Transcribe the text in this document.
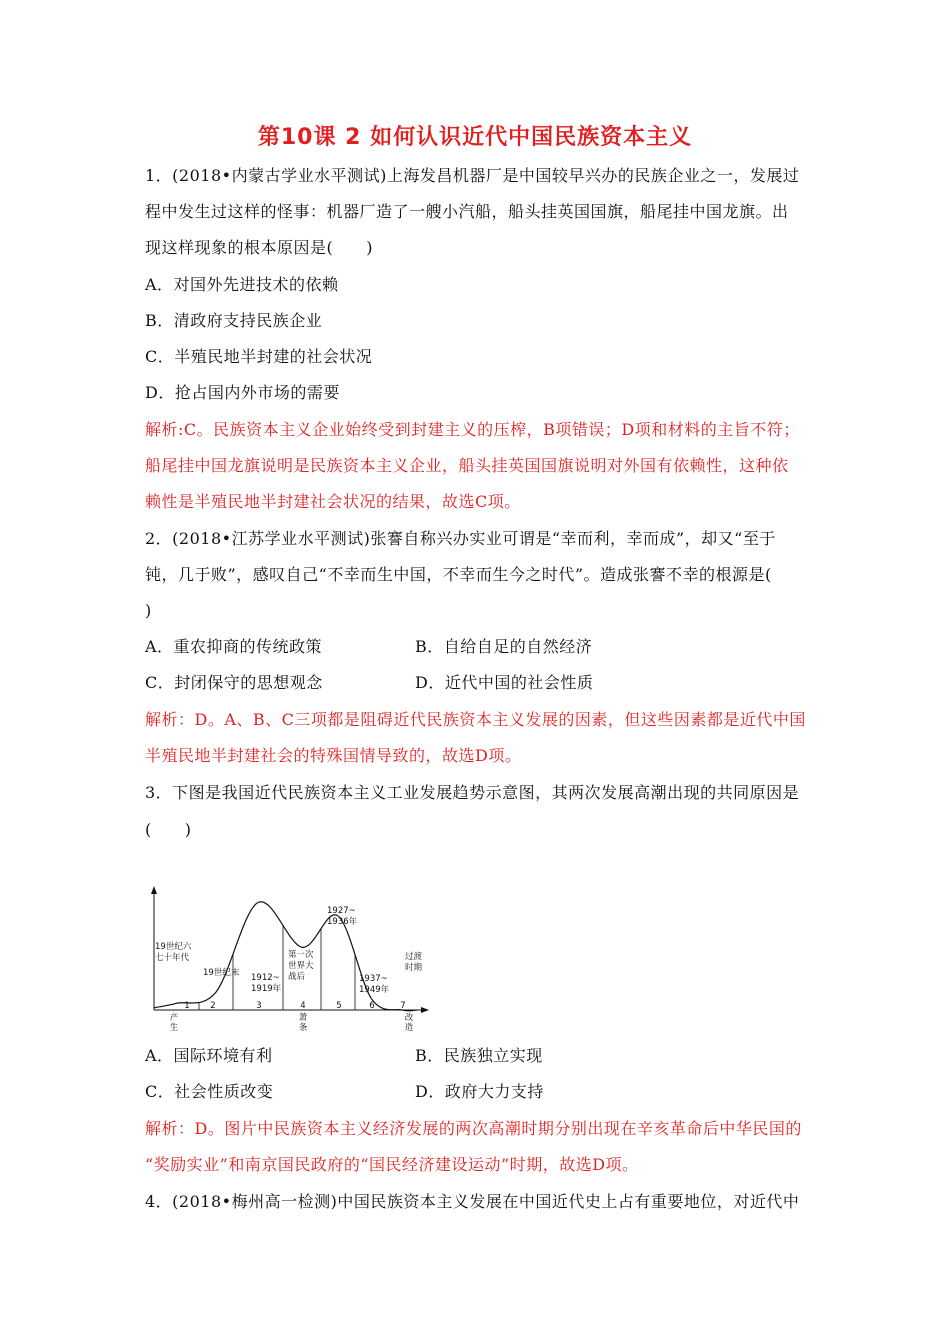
第10课 2 如何认识近代中国民族资本主义
1．(2018•内蒙古学业水平测试)上海发昌机器厂是中国较早兴办的民族企业之一，发展过
程中发生过这样的怪事：机器厂造了一艘小汽船，船头挂英国国旗，船尾挂中国龙旗。出
现这样现象的根本原因是(　　)
A．对国外先进技术的依赖
B．清政府支持民族企业
C．半殖民地半封建的社会状况
D．抢占国内外市场的需要
解析:C。民族资本主义企业始终受到封建主义的压榨，B项错误；D项和材料的主旨不符；
船尾挂中国龙旗说明是民族资本主义企业，船头挂英国国旗说明对外国有依赖性，这种依
赖性是半殖民地半封建社会状况的结果，故选C项。
2．(2018•江苏学业水平测试)张謇自称兴办实业可谓是“幸而利，幸而成”，却又“至于
钝，几于败”，感叹自己“不幸而生中国，不幸而生今之时代”。造成张謇不幸的根源是(
)
A．重农抑商的传统政策	B．自给自足的自然经济
C．封闭保守的思想观念	D．近代中国的社会性质
解析：D。A、B、C三项都是阻碍近代民族资本主义发展的因素，但这些因素都是近代中国
半殖民地半封建社会的特殊国情导致的，故选D项。
3．下图是我国近代民族资本主义工业发展趋势示意图，其两次发展高潮出现的共同原因是
(　　)
1 2	3	4	5	6	7
19世纪六
七十年代
19世纪末 1912~
1919年
第一次
世界大
战后
1927~
1936年
1937~
1949年
过渡
时期
产
生
萧
条
改
造
A．国际环境有利	B．民族独立实现
C．社会性质改变	D．政府大力支持
解析：D。图片中民族资本主义经济发展的两次高潮时期分别出现在辛亥革命后中华民国的
“奖励实业”和南京国民政府的“国民经济建设运动”时期，故选D项。
4．(2018•梅州高一检测)中国民族资本主义发展在中国近代史上占有重要地位，对近代中
